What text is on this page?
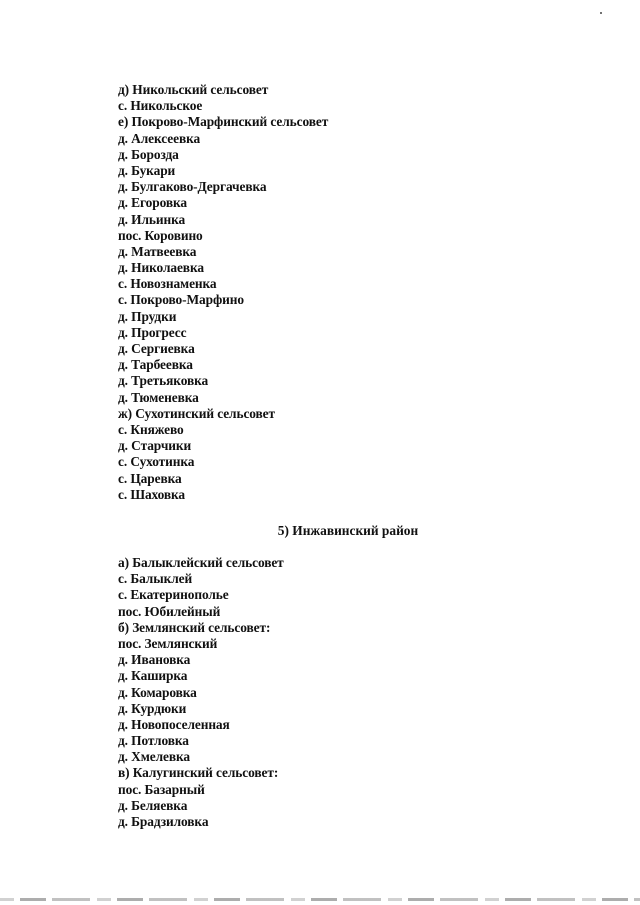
д) Никольский сельсовет
с. Никольское
е) Покрово-Марфинский сельсовет
д. Алексеевка
д. Борозда
д. Букари
д. Булгаково-Дергачевка
д. Егоровка
д. Ильинка
пос. Коровино
д. Матвеевка
д. Николаевка
с. Новознаменка
с. Покрово-Марфино
д. Прудки
д. Прогресс
д. Сергиевка
д. Тарбеевка
д. Третьяковка
д. Тюменевка
ж) Сухотинский сельсовет
с. Княжево
д. Старчики
с. Сухотинка
с. Царевка
с. Шаховка
5) Инжавинский район
а) Балыклейский сельсовет
с. Балыклей
с. Екатеринополье
пос. Юбилейный
б) Землянский сельсовет:
пос. Землянский
д. Ивановка
д. Каширка
д. Комаровка
д. Курдюки
д. Новопоселенная
д. Потловка
д. Хмелевка
в) Калугинский сельсовет:
пос. Базарный
д. Беляевка
д. Брадзиловка
